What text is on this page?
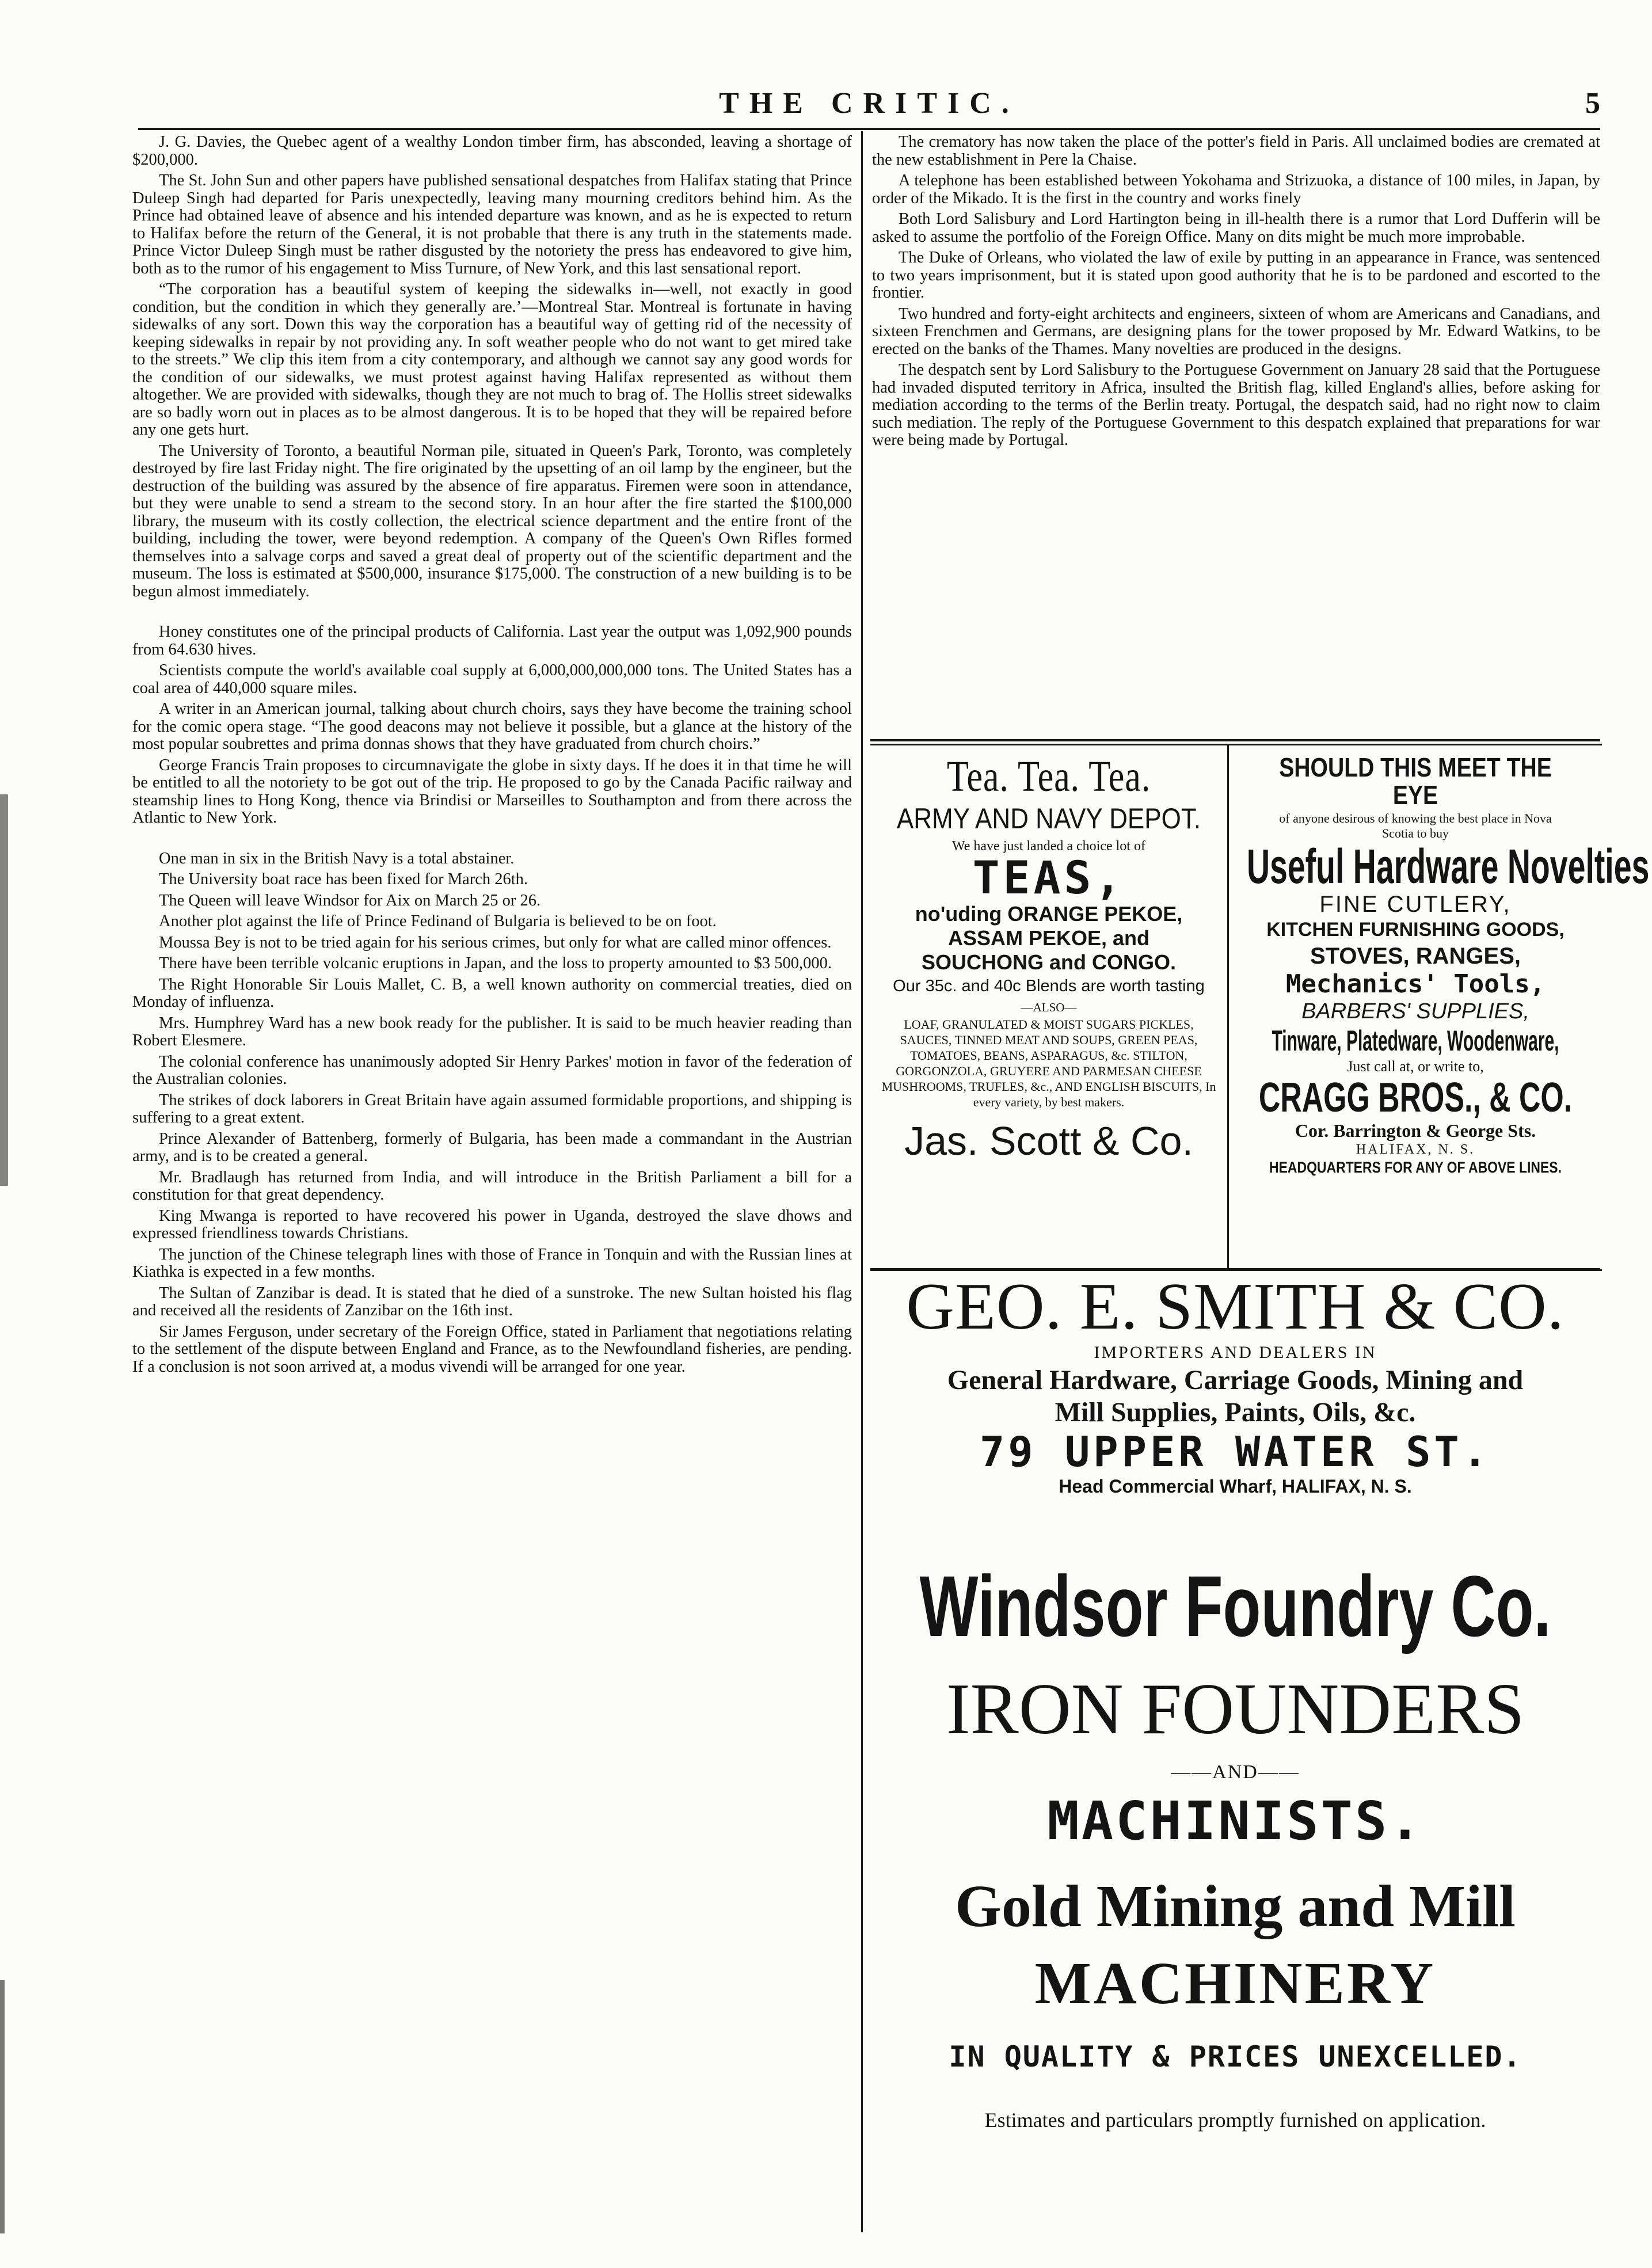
THE CRITIC.	5

J. G. Davies, the Quebec agent of a wealthy London timber firm, has absconded, leaving a shortage of $200,000.

The St. John Sun and other papers have published sensational despatches from Halifax stating that Prince Duleep Singh had departed for Paris unexpectedly, leaving many mourning creditors behind him. As the Prince had obtained leave of absence and his intended departure was known, and as he is expected to return to Halifax before the return of the General, it is not probable that there is any truth in the statements made. Prince Victor Duleep Singh must be rather disgusted by the notoriety the press has endeavored to give him, both as to the rumor of his engagement to Miss Turnure, of New York, and this last sensational report.

“The corporation has a beautiful system of keeping the sidewalks in—well, not exactly in good condition, but the condition in which they generally are.’—Montreal Star. Montreal is fortunate in having sidewalks of any sort. Down this way the corporation has a beautiful way of getting rid of the necessity of keeping sidewalks in repair by not providing any. In soft weather people who do not want to get mired take to the streets.” We clip this item from a city contemporary, and although we cannot say any good words for the condition of our sidewalks, we must protest against having Halifax represented as without them altogether. We are provided with sidewalks, though they are not much to brag of. The Hollis street sidewalks are so badly worn out in places as to be almost dangerous. It is to be hoped that they will be repaired before any one gets hurt.

The University of Toronto, a beautiful Norman pile, situated in Queen's Park, Toronto, was completely destroyed by fire last Friday night. The fire originated by the upsetting of an oil lamp by the engineer, but the destruction of the building was assured by the absence of fire apparatus. Firemen were soon in attendance, but they were unable to send a stream to the second story. In an hour after the fire started the $100,000 library, the museum with its costly collection, the electrical science department and the entire front of the building, including the tower, were beyond redemption. A company of the Queen's Own Rifles formed themselves into a salvage corps and saved a great deal of property out of the scientific department and the museum. The loss is estimated at $500,000, insurance $175,000. The construction of a new building is to be begun almost immediately.

Honey constitutes one of the principal products of California. Last year the output was 1,092,900 pounds from 64.630 hives.

Scientists compute the world's available coal supply at 6,000,000,000,000 tons. The United States has a coal area of 440,000 square miles.

A writer in an American journal, talking about church choirs, says they have become the training school for the comic opera stage. “The good deacons may not believe it possible, but a glance at the history of the most popular soubrettes and prima donnas shows that they have graduated from church choirs.”

George Francis Train proposes to circumnavigate the globe in sixty days. If he does it in that time he will be entitled to all the notoriety to be got out of the trip. He proposed to go by the Canada Pacific railway and steamship lines to Hong Kong, thence via Brindisi or Marseilles to Southampton and from there across the Atlantic to New York.

One man in six in the British Navy is a total abstainer.

The University boat race has been fixed for March 26th.

The Queen will leave Windsor for Aix on March 25 or 26.

Another plot against the life of Prince Fedinand of Bulgaria is believed to be on foot.

Moussa Bey is not to be tried again for his serious crimes, but only for what are called minor offences.

There have been terrible volcanic eruptions in Japan, and the loss to property amounted to $3 500,000.

The Right Honorable Sir Louis Mallet, C. B, a well known authority on commercial treaties, died on Monday of influenza.

Mrs. Humphrey Ward has a new book ready for the publisher. It is said to be much heavier reading than Robert Elesmere.

The colonial conference has unanimously adopted Sir Henry Parkes' motion in favor of the federation of the Australian colonies.

The strikes of dock laborers in Great Britain have again assumed formidable proportions, and shipping is suffering to a great extent.

Prince Alexander of Battenberg, formerly of Bulgaria, has been made a commandant in the Austrian army, and is to be created a general.

Mr. Bradlaugh has returned from India, and will introduce in the British Parliament a bill for a constitution for that great dependency.

King Mwanga is reported to have recovered his power in Uganda, destroyed the slave dhows and expressed friendliness towards Christians.

The junction of the Chinese telegraph lines with those of France in Tonquin and with the Russian lines at Kiathka is expected in a few months.

The Sultan of Zanzibar is dead. It is stated that he died of a sunstroke. The new Sultan hoisted his flag and received all the residents of Zanzibar on the 16th inst.

Sir James Ferguson, under secretary of the Foreign Office, stated in Parliament that negotiations relating to the settlement of the dispute between England and France, as to the Newfoundland fisheries, are pending. If a conclusion is not soon arrived at, a modus vivendi will be arranged for one year.

The crematory has now taken the place of the potter's field in Paris. All unclaimed bodies are cremated at the new establishment in Pere la Chaise.

A telephone has been established between Yokohama and Strizuoka, a distance of 100 miles, in Japan, by order of the Mikado. It is the first in the country and works finely

Both Lord Salisbury and Lord Hartington being in ill-health there is a rumor that Lord Dufferin will be asked to assume the portfolio of the Foreign Office. Many on dits might be much more improbable.

The Duke of Orleans, who violated the law of exile by putting in an appearance in France, was sentenced to two years imprisonment, but it is stated upon good authority that he is to be pardoned and escorted to the frontier.

Two hundred and forty-eight architects and engineers, sixteen of whom are Americans and Canadians, and sixteen Frenchmen and Germans, are designing plans for the tower proposed by Mr. Edward Watkins, to be erected on the banks of the Thames. Many novelties are produced in the designs.

The despatch sent by Lord Salisbury to the Portuguese Government on January 28 said that the Portuguese had invaded disputed territory in Africa, insulted the British flag, killed England's allies, before asking for mediation according to the terms of the Berlin treaty. Portugal, the despatch said, had no right now to claim such mediation. The reply of the Portuguese Government to this despatch explained that preparations for war were being made by Portugal.

Tea. Tea. Tea.
ARMY AND NAVY DEPOT.
We have just landed a choice lot of
TEAS,
no'uding ORANGE PEKOE,
ASSAM PEKOE, and
SOUCHONG and CONGO.
Our 35c. and 40c Blends are worth tasting
—ALSO—
LOAF, GRANULATED & MOIST SUGARS PICKLES, SAUCES, TINNED MEAT AND SOUPS, GREEN PEAS, TOMATOES, BEANS, ASPARAGUS, &c. STILTON, GORGONZOLA, GRUYERE AND PARMESAN CHEESE MUSHROOMS, TRUFLES, &c., AND ENGLISH BISCUITS, In every variety, by best makers.
Jas. Scott & Co.
SHOULD THIS MEET THE EYE
of anyone desirous of knowing the best place in Nova Scotia to buy
Useful Hardware Novelties
FINE CUTLERY,
KITCHEN FURNISHING GOODS,
STOVES, RANGES,
Mechanics' Tools,
BARBERS' SUPPLIES,
Tinware, Platedware, Woodenware,
Just call at, or write to,
CRAGG BROS., & CO.
Cor. Barrington & George Sts.
HALIFAX, N. S.
HEADQUARTERS FOR ANY OF ABOVE LINES.
GEO. E. SMITH & CO.
IMPORTERS AND DEALERS IN
General Hardware, Carriage Goods, Mining and
Mill Supplies, Paints, Oils, &c.
79 UPPER WATER ST.
Head Commercial Wharf, HALIFAX, N. S.
Windsor Foundry Co.
IRON FOUNDERS
——AND——
MACHINISTS.
Gold Mining and Mill
MACHINERY
IN QUALITY & PRICES UNEXCELLED.
Estimates and particulars promptly furnished on application.
